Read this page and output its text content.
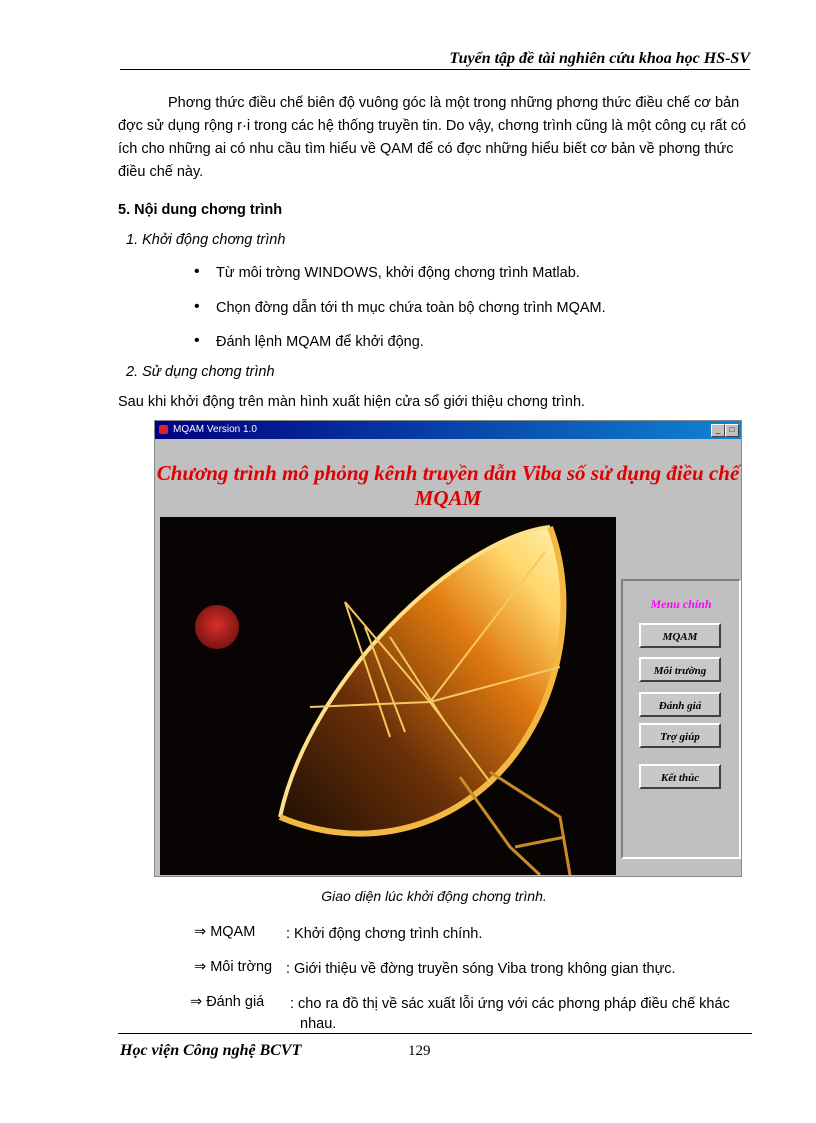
Tuyển tập đề tài nghiên cứu khoa học HS-SV
Phơng thức điều chế biên độ vuông góc là một trong những phơng thức điều chế cơ bản đợc sử dụng rộng r·i trong các hệ thống truyền tin. Do vậy, chơng trình cũng là một công cụ rất có ích cho những ai có nhu cầu tìm hiểu về QAM để có đợc những hiểu biết cơ bản về phơng thức điều chế này.
5. Nội dung chơng trình
1. Khởi động chơng trình
• Từ môi trờng WINDOWS, khởi động chơng trình Matlab.
• Chọn đờng dẫn tới th mục chứa toàn bộ chơng trình MQAM.
• Đánh lệnh MQAM để khởi động.
2. Sử dụng chơng trình
Sau khi khởi động trên màn hình xuất hiện cửa sổ giới thiệu chơng trình.
MQAM Version 1.0	_	□
Chương trình mô phỏng kênh truyền dẫn Viba số sử dụng điều chế MQAM
Menu chính
MQAM
Môi trường
Đánh giá
Trợ giúp
Kết thúc
Giao diện lúc khởi động chơng trình.
⇒ MQAM : Khởi động chơng trình chính.
⇒ Môi trờng : Giới thiệu về đờng truyền sóng Viba trong không gian thực.
⇒ Đánh giá : cho ra đồ thị về sác xuất lỗi ứng với các phơng pháp điều chế khác
nhau.
Học viện Công nghệ BCVT	129
